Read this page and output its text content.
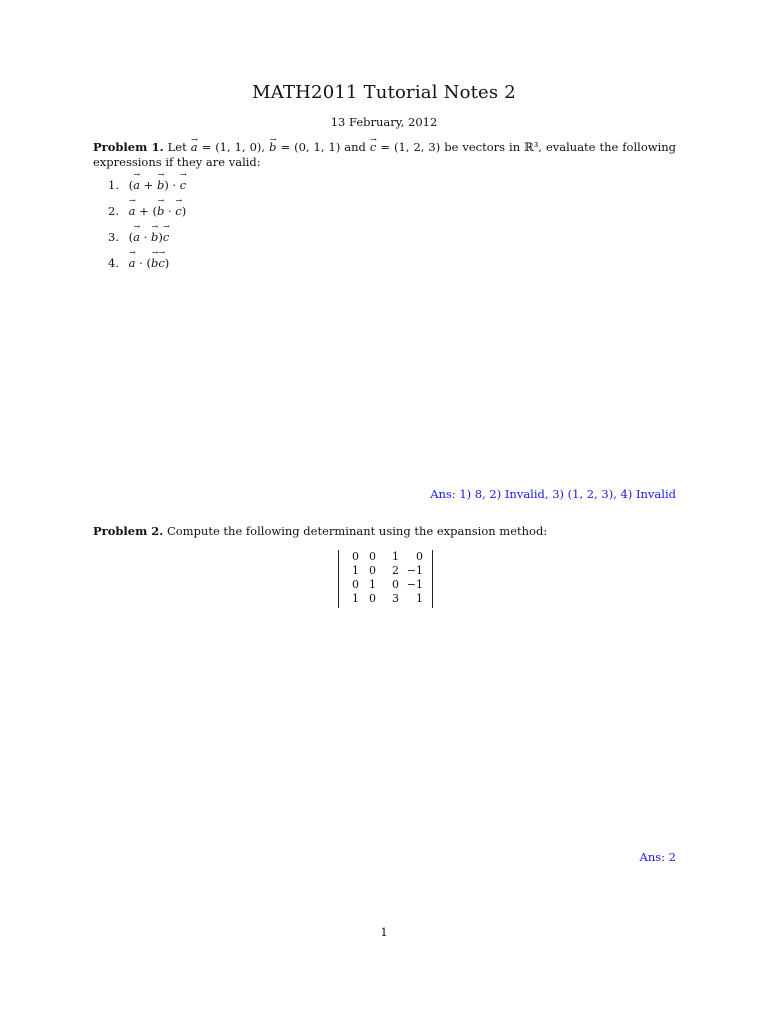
MATH2011 Tutorial Notes 2
13 February, 2012
Problem 1. Let → a = (1, 1, 0), → b = (0, 1, 1) and → c = (1, 2, 3) be vectors in ℝ³, evaluate the following expressions if they are valid:
1. (→ a + → b) · → c
2. → a + (→ b · → c)
3. (→ a · → b)→ c
4. → a · (→ b→ c)
Ans: 1) 8, 2) Invalid, 3) (1, 2, 3), 4) Invalid
Problem 2. Compute the following determinant using the expansion method:
0 0	1	0
1 0	2 −1
0 1	0 −1
1 0	3	1
Ans: 2
1
